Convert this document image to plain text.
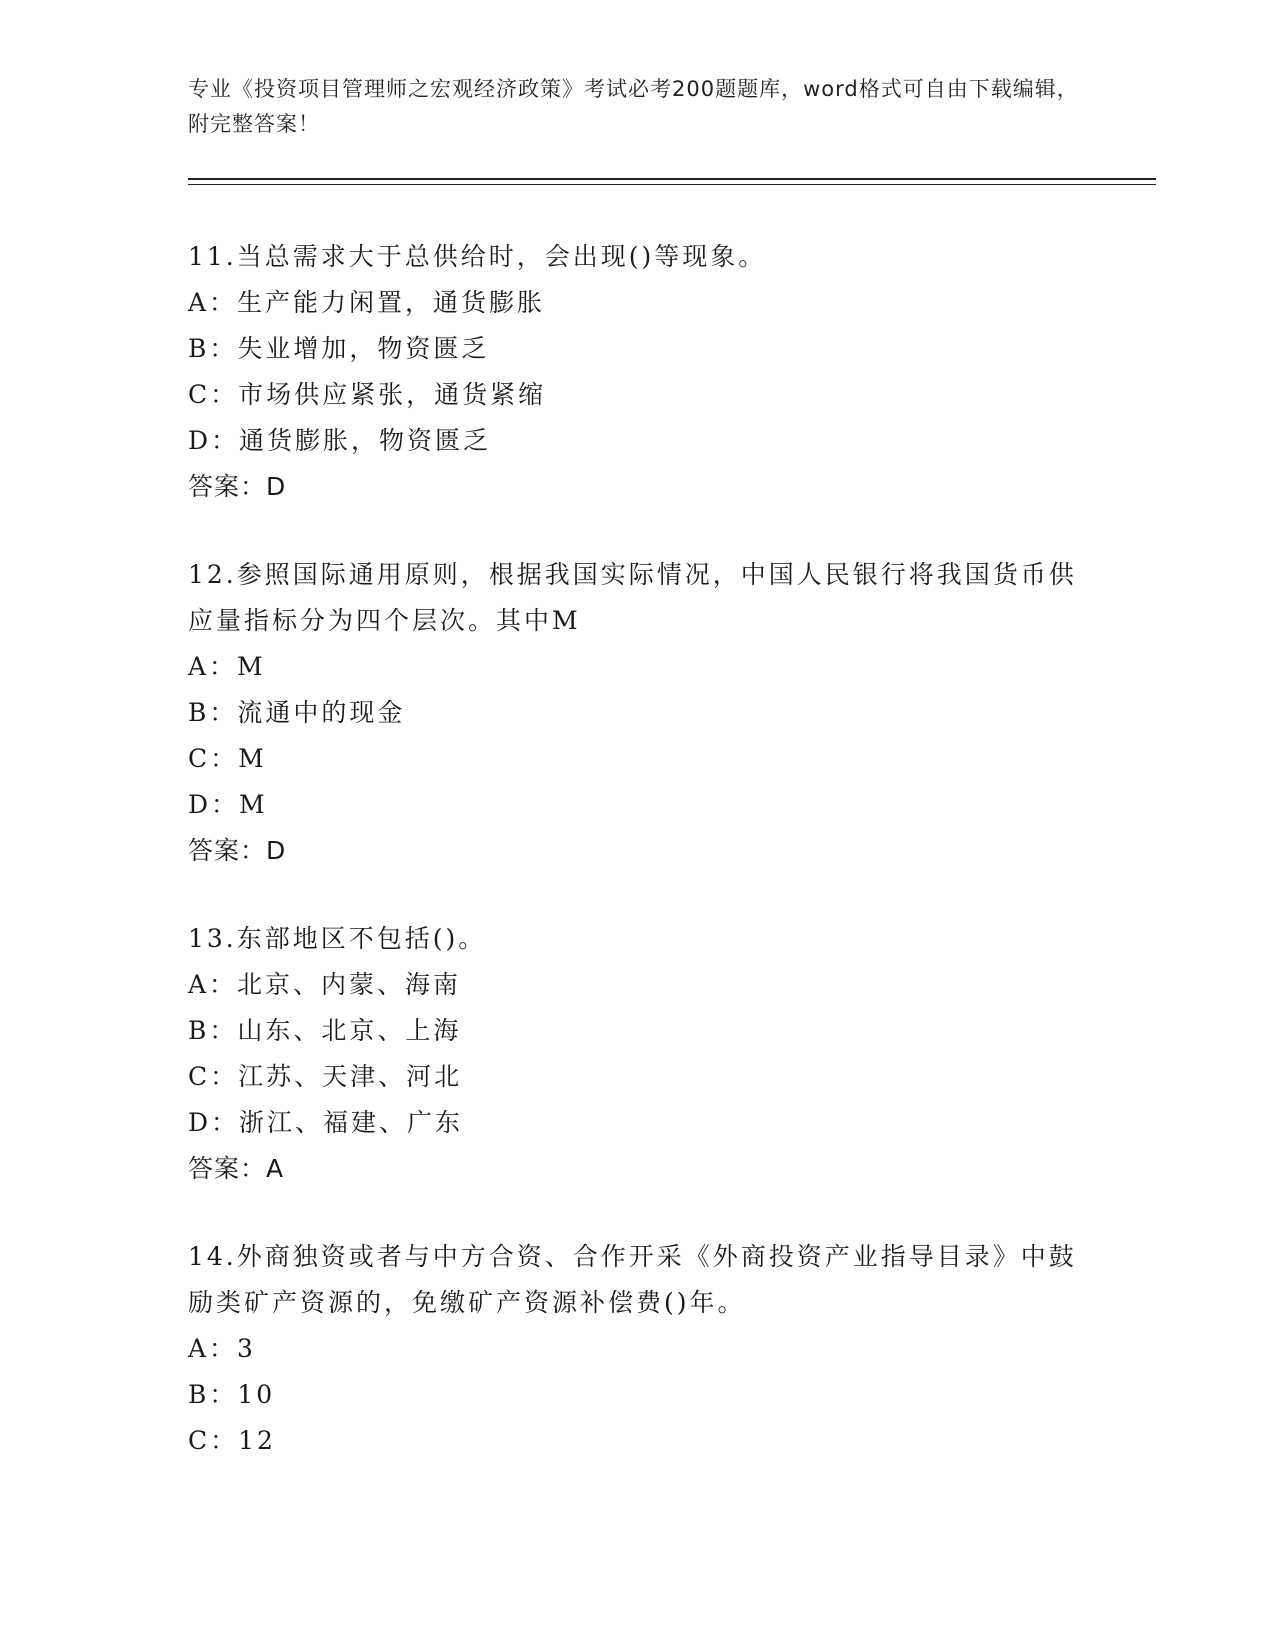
专业《投资项目管理师之宏观经济政策》考试必考200题题库，word格式可自由下载编辑，附完整答案！
11.当总需求大于总供给时，会出现()等现象。
A：生产能力闲置，通货膨胀
B：失业增加，物资匮乏
C：市场供应紧张，通货紧缩
D：通货膨胀，物资匮乏
答案：D
12.参照国际通用原则，根据我国实际情况，中国人民银行将我国货币供应量指标分为四个层次。其中M
A：M
B：流通中的现金
C：M
D：M
答案：D
13.东部地区不包括()。
A：北京、内蒙、海南
B：山东、北京、上海
C：江苏、天津、河北
D：浙江、福建、广东
答案：A
14.外商独资或者与中方合资、合作开采《外商投资产业指导目录》中鼓励类矿产资源的，免缴矿产资源补偿费()年。
A：3
B：10
C：12
